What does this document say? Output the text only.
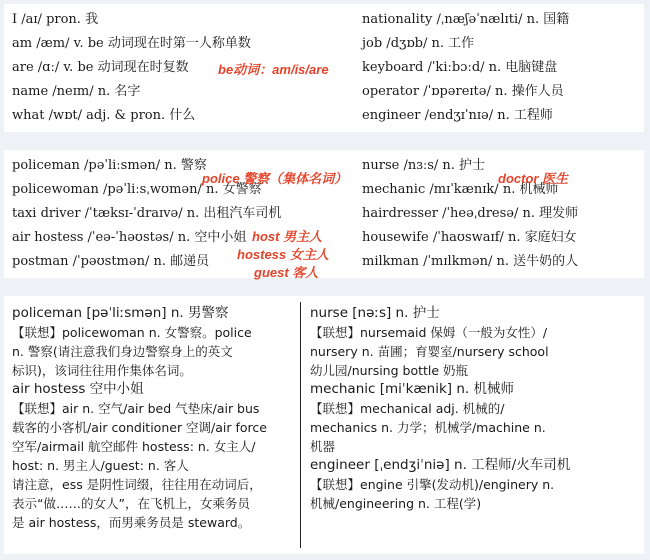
I /aɪ/ pron. 我
am /æm/ v. be 动词现在时第一人称单数
are /ɑː/ v. be 动词现在时复数
name /neɪm/ n. 名字
what /wɒt/ adj. & pron. 什么
nationality /ˌnæʃəˈnælɪti/ n. 国籍
job /dʒɒb/ n. 工作
keyboard /ˈkiːbɔːd/ n. 电脑键盘
operator /ˈɒpəreɪtə/ n. 操作人员
engineer /endʒɪˈnɪə/ n. 工程师
be动词：am/is/are
policeman /pəˈliːsmən/ n. 警察
policewoman /pəˈliːsˌwʊmən/ n. 女警察
taxi driver /ˈtæksɪ-ˈdraɪvə/ n. 出租汽车司机
air hostess /ˈeə-ˈhəʊstəs/ n. 空中小姐
postman /ˈpəʊstmən/ n. 邮递员
nurse /nɜːs/ n. 护士
mechanic /mɪˈkænɪk/ n. 机械师
hairdresser /ˈheəˌdresə/ n. 理发师
housewife /ˈhaʊswaɪf/ n. 家庭妇女
milkman /ˈmɪlkmən/ n. 送牛奶的人
police 警察（集体名词）	doctor 医生
host 男主人
hostess 女主人
guest 客人
policeman [pəˈliːsmən] n. 男警察
【联想】policewoman n. 女警察。police
n. 警察(请注意我们身边警察身上的英文
标识)，该词往往用作集体名词。
air hostess 空中小姐
【联想】air n. 空气/air bed 气垫床/air bus
载客的小客机/air conditioner 空调/air force
空军/airmail 航空邮件 hostess: n. 女主人/
host: n. 男主人/guest: n. 客人
请注意，ess 是阴性词缀，往往用在动词后，
表示“做……的女人”，在飞机上，女乘务员
是 air hostess，而男乘务员是 steward。
nurse [nəːs] n. 护士
【联想】nursemaid 保姆（一般为女性）/
nursery n. 苗圃；育婴室/nursery school
幼儿园/nursing bottle 奶瓶
mechanic [miˈkænik] n. 机械师
【联想】mechanical adj. 机械的/
mechanics n. 力学；机械学/machine n.
机器
engineer [ˌendʒiˈniə] n. 工程师/火车司机
【联想】engine 引擎(发动机)/enginery n.
机械/engineering n. 工程(学)
